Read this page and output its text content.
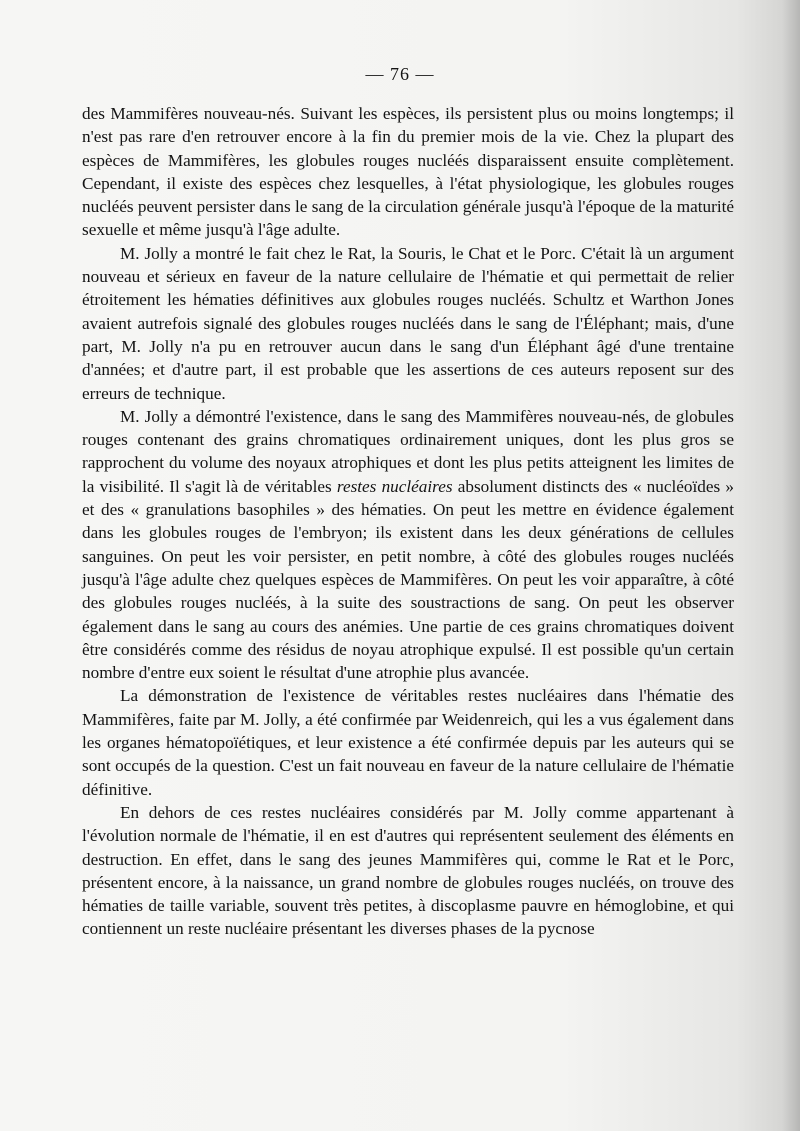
— 76 —

des Mammifères nouveau-nés. Suivant les espèces, ils persistent plus ou moins longtemps; il n'est pas rare d'en retrouver encore à la fin du premier mois de la vie. Chez la plupart des espèces de Mammifères, les globules rouges nucléés disparaissent ensuite complètement. Cependant, il existe des espèces chez lesquelles, à l'état physiologique, les globules rouges nucléés peuvent persister dans le sang de la circulation générale jusqu'à l'époque de la maturité sexuelle et même jusqu'à l'âge adulte.

M. Jolly a montré le fait chez le Rat, la Souris, le Chat et le Porc. C'était là un argument nouveau et sérieux en faveur de la nature cellulaire de l'hématie et qui permettait de relier étroitement les hématies définitives aux globules rouges nucléés. Schultz et Warthon Jones avaient autrefois signalé des globules rouges nucléés dans le sang de l'Éléphant; mais, d'une part, M. Jolly n'a pu en retrouver aucun dans le sang d'un Éléphant âgé d'une trentaine d'années; et d'autre part, il est probable que les assertions de ces auteurs reposent sur des erreurs de technique.

M. Jolly a démontré l'existence, dans le sang des Mammifères nouveau-nés, de globules rouges contenant des grains chromatiques ordinairement uniques, dont les plus gros se rapprochent du volume des noyaux atrophiques et dont les plus petits atteignent les limites de la visibilité. Il s'agit là de véritables restes nucléaires absolument distincts des « nucléoïdes » et des « granulations basophiles » des hématies. On peut les mettre en évidence également dans les globules rouges de l'embryon; ils existent dans les deux générations de cellules sanguines. On peut les voir persister, en petit nombre, à côté des globules rouges nucléés jusqu'à l'âge adulte chez quelques espèces de Mammifères. On peut les voir apparaître, à côté des globules rouges nucléés, à la suite des soustractions de sang. On peut les observer également dans le sang au cours des anémies. Une partie de ces grains chromatiques doivent être considérés comme des résidus de noyau atrophique expulsé. Il est possible qu'un certain nombre d'entre eux soient le résultat d'une atrophie plus avancée.

La démonstration de l'existence de véritables restes nucléaires dans l'hématie des Mammifères, faite par M. Jolly, a été confirmée par Weidenreich, qui les a vus également dans les organes hématopoïétiques, et leur existence a été confirmée depuis par les auteurs qui se sont occupés de la question. C'est un fait nouveau en faveur de la nature cellulaire de l'hématie définitive.

En dehors de ces restes nucléaires considérés par M. Jolly comme appartenant à l'évolution normale de l'hématie, il en est d'autres qui représentent seulement des éléments en destruction. En effet, dans le sang des jeunes Mammifères qui, comme le Rat et le Porc, présentent encore, à la naissance, un grand nombre de globules rouges nucléés, on trouve des hématies de taille variable, souvent très petites, à discoplasme pauvre en hémoglobine, et qui contiennent un reste nucléaire présentant les diverses phases de la pycnose
